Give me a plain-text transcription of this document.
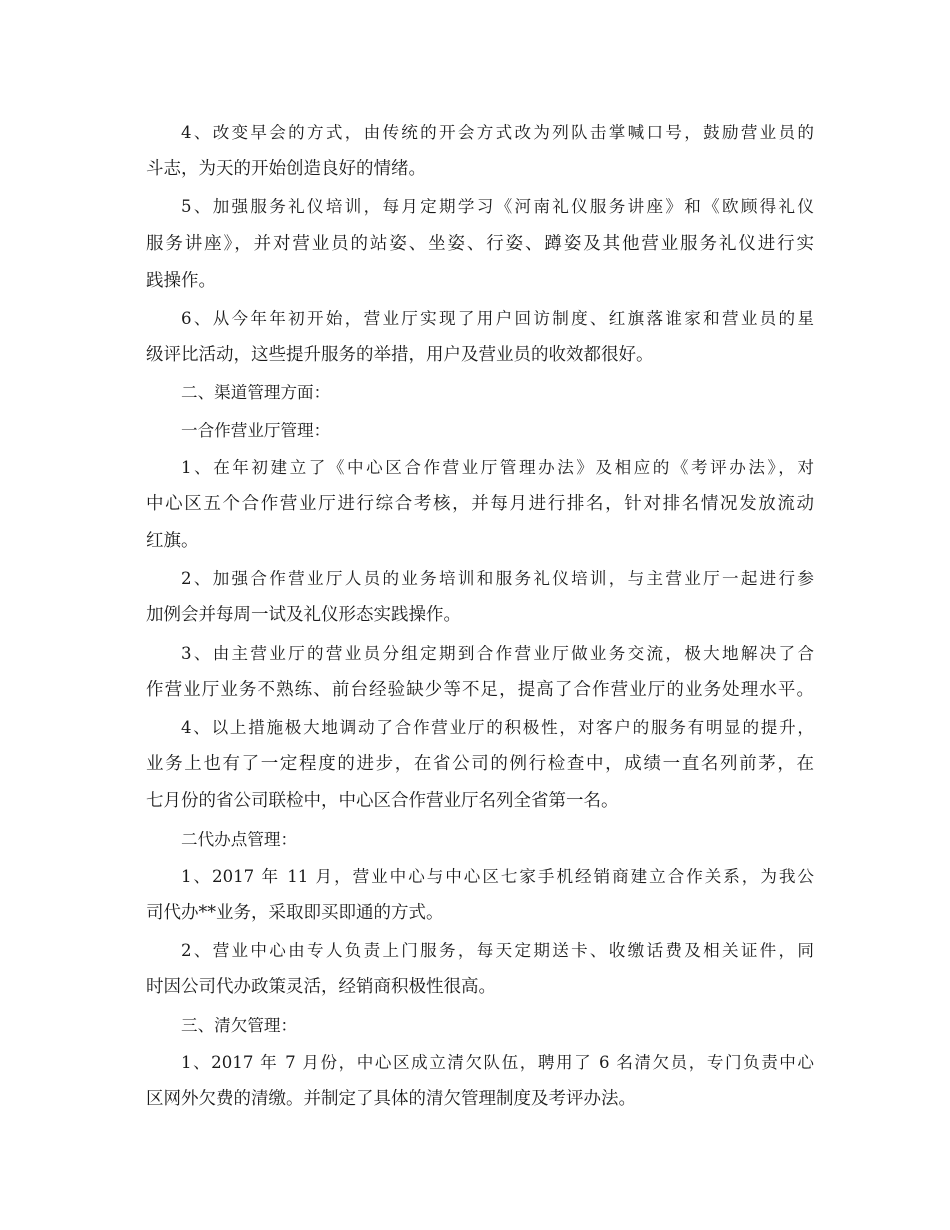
4、改变早会的方式，由传统的开会方式改为列队击掌喊口号，鼓励营业员的
斗志，为天的开始创造良好的情绪。
5、加强服务礼仪培训，每月定期学习《河南礼仪服务讲座》和《欧顾得礼仪
服务讲座》，并对营业员的站姿、坐姿、行姿、蹲姿及其他营业服务礼仪进行实
践操作。
6、从今年年初开始，营业厅实现了用户回访制度、红旗落谁家和营业员的星
级评比活动，这些提升服务的举措，用户及营业员的收效都很好。
二、渠道管理方面：
一合作营业厅管理：
1、在年初建立了《中心区合作营业厅管理办法》及相应的《考评办法》，对
中心区五个合作营业厅进行综合考核，并每月进行排名，针对排名情况发放流动
红旗。
2、加强合作营业厅人员的业务培训和服务礼仪培训，与主营业厅一起进行参
加例会并每周一试及礼仪形态实践操作。
3、由主营业厅的营业员分组定期到合作营业厅做业务交流，极大地解决了合
作营业厅业务不熟练、前台经验缺少等不足，提高了合作营业厅的业务处理水平。
4、以上措施极大地调动了合作营业厅的积极性，对客户的服务有明显的提升，
业务上也有了一定程度的进步，在省公司的例行检查中，成绩一直名列前茅，在
七月份的省公司联检中，中心区合作营业厅名列全省第一名。
二代办点管理：
1、2017 年 11 月，营业中心与中心区七家手机经销商建立合作关系，为我公
司代办**业务，采取即买即通的方式。
2、营业中心由专人负责上门服务，每天定期送卡、收缴话费及相关证件，同
时因公司代办政策灵活，经销商积极性很高。
三、清欠管理：
1、2017 年 7 月份，中心区成立清欠队伍，聘用了 6 名清欠员，专门负责中心
区网外欠费的清缴。并制定了具体的清欠管理制度及考评办法。
